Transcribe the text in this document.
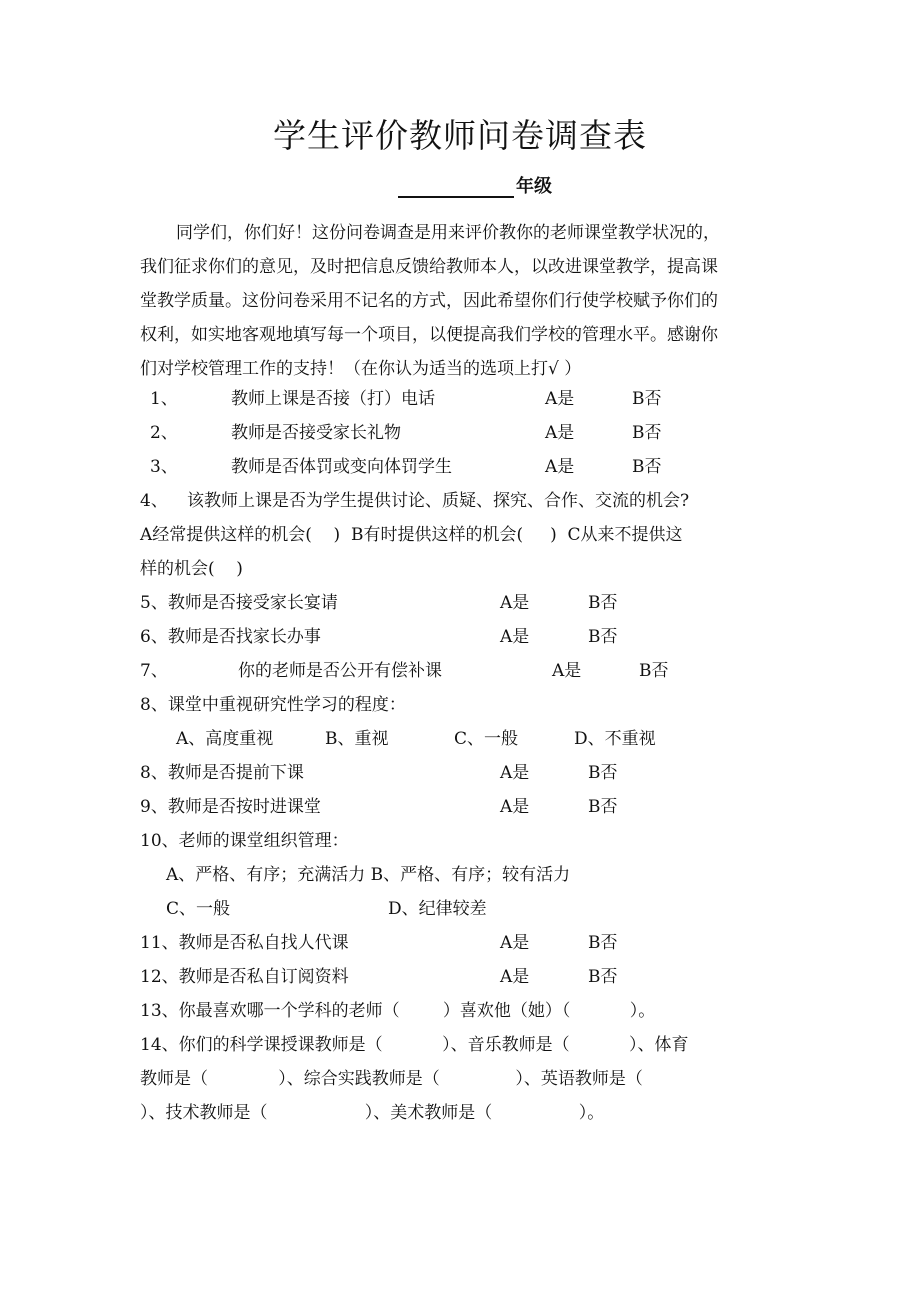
学生评价教师问卷调查表
年级
同学们，你们好！这份问卷调查是用来评价教你的老师课堂教学状况的，
我们征求你们的意见，及时把信息反馈给教师本人，以改进课堂教学，提高课
堂教学质量。这份问卷采用不记名的方式，因此希望你们行使学校赋予你们的
权利，如实地客观地填写每一个项目，以便提高我们学校的管理水平。感谢你
们对学校管理工作的支持！（在你认为适当的选项上打√ ）
1、	教师上课是否接（打）电话	A是	B否
2、	教师是否接受家长礼物	A是	B否
3、	教师是否体罚或变向体罚学生	A是	B否
4、 该教师上课是否为学生提供讨论、质疑、探究、合作、交流的机会?
A经常提供这样的机会(    )  B有时提供这样的机会(     )  C从来不提供这
样的机会(    )
5、教师是否接受家长宴请	A是	B否
6、教师是否找家长办事	A是	B否
7、	你的老师是否公开有偿补课	A是	B否
8、课堂中重视研究性学习的程度：
A、高度重视	B、重视	C、一般	D、不重视
8、教师是否提前下课	A是	B否
9、教师是否按时进课堂	A是	B否
10、老师的课堂组织管理：
A、严格、有序；充满活力 B、严格、有序；较有活力
C、一般	D、纪律较差
11、教师是否私自找人代课	A是	B否
12、教师是否私自订阅资料	A是	B否
13、你最喜欢哪一个学科的老师（        ）喜欢他（她）（           ）。
14、你们的科学课授课教师是（           ）、音乐教师是（           ）、体育
教师是（             ）、综合实践教师是（              ）、英语教师是（
）、技术教师是（                  ）、美术教师是（                ）。
